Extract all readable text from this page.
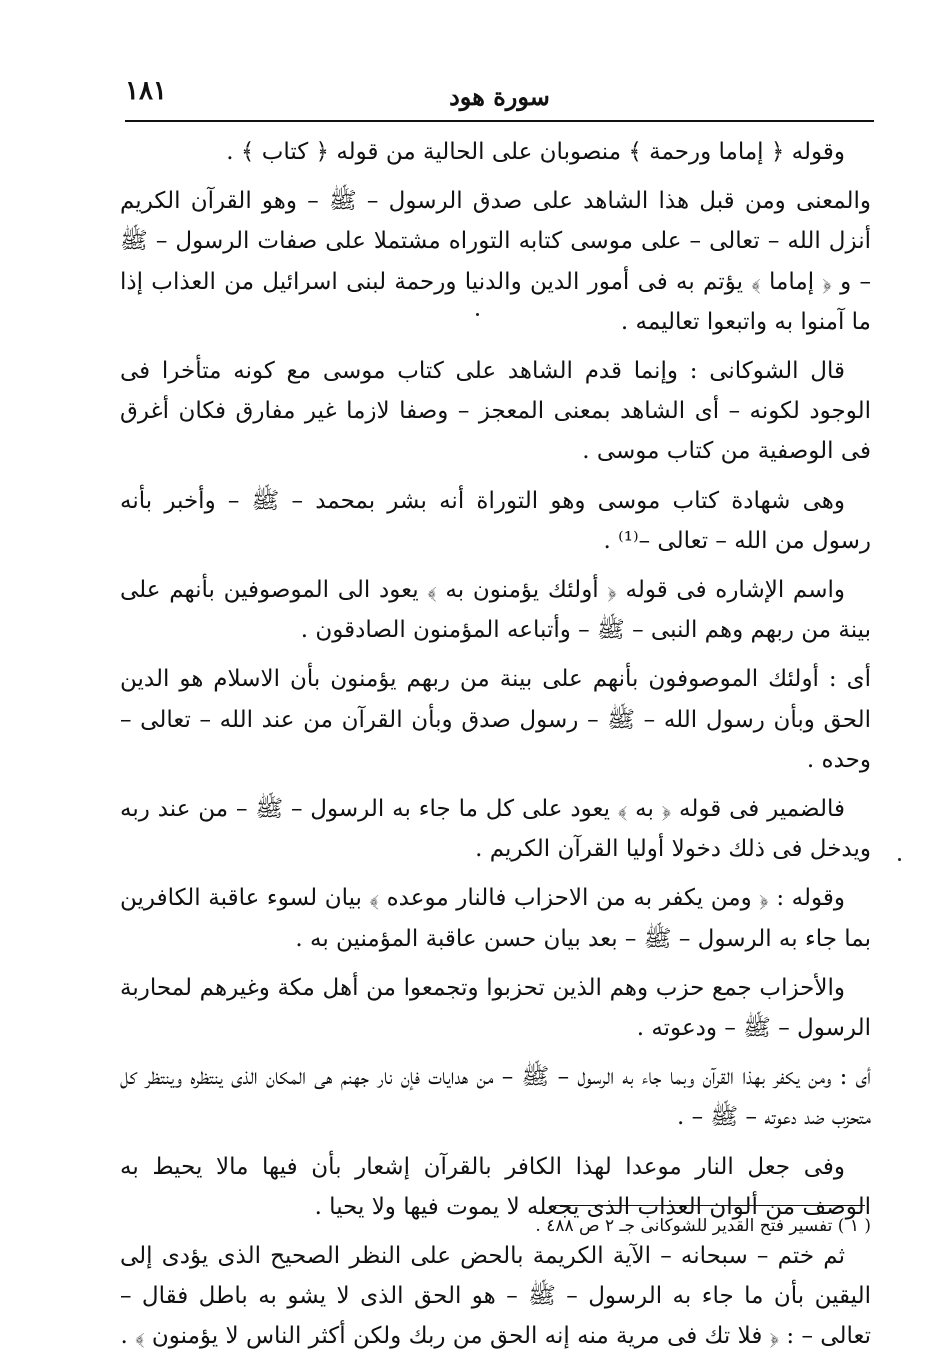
١٨١	سورة هود

وقوله ﴿ إماما ورحمة ﴾ منصوبان على الحالية من قوله ﴿ كتاب ﴾ .

والمعنى ومن قبل هذا الشاهد على صدق الرسول – ﷺ – وهو القرآن الكريم أنزل الله – تعالى – على موسى كتابه التوراه مشتملا على صفات الرسول – ﷺ – و ﴿ إماما ﴾ يؤتم به فى أمور الدين والدنيا ورحمة لبنى اسرائيل من العذاب إذا ما آمنوا به واتبعوا تعاليمه .

قال الشوكانى : وإنما قدم الشاهد على كتاب موسى مع كونه متأخرا فى الوجود لكونه – أى الشاهد بمعنى المعجز – وصفا لازما غير مفارق فكان أغرق فى الوصفية من كتاب موسى .

وهى شهادة كتاب موسى وهو التوراة أنه بشر بمحمد – ﷺ – وأخبر بأنه رسول من الله – تعالى –⁽¹⁾ .

واسم الإشاره فى قوله ﴿ أولئك يؤمنون به ﴾ يعود الى الموصوفين بأنهم على بينة من ربهم وهم النبى – ﷺ – وأتباعه المؤمنون الصادقون .

أى : أولئك الموصوفون بأنهم على بينة من ربهم يؤمنون بأن الاسلام هو الدين الحق وبأن رسول الله – ﷺ – رسول صدق وبأن القرآن من عند الله – تعالى – وحده .

فالضمير فى قوله ﴿ به ﴾ يعود على كل ما جاء به الرسول – ﷺ – من عند ربه ويدخل فى ذلك دخولا أوليا القرآن الكريم .

وقوله : ﴿ ومن يكفر به من الاحزاب فالنار موعده ﴾ بيان لسوء عاقبة الكافرين بما جاء به الرسول – ﷺ – بعد بيان حسن عاقبة المؤمنين به .

والأحزاب جمع حزب وهم الذين تحزبوا وتجمعوا من أهل مكة وغيرهم لمحاربة الرسول – ﷺ – ودعوته .

أى : ومن يكفر بهذا القرآن وبما جاء به الرسول – ﷺ – من هدايات فإن نار جهنم هى المكان الذى ينتظره وينتظر كل متحزب ضد دعوته – ﷺ – .

وفى جعل النار موعدا لهذا الكافر بالقرآن إشعار بأن فيها مالا يحيط به الوصف من ألوان العذاب الذى يجعله لا يموت فيها ولا يحيا .

ثم ختم – سبحانه – الآية الكريمة بالحض على النظر الصحيح الذى يؤدى إلى اليقين بأن ما جاء به الرسول – ﷺ – هو الحق الذى لا يشو به باطل فقال – تعالى – : ﴿ فلا تك فى مرية منه إنه الحق من ربك ولكن أكثر الناس لا يؤمنون ﴾ .

( ١ ) تفسير فتح القدير للشوكانى جـ ٢ ص ٤٨٨ .
